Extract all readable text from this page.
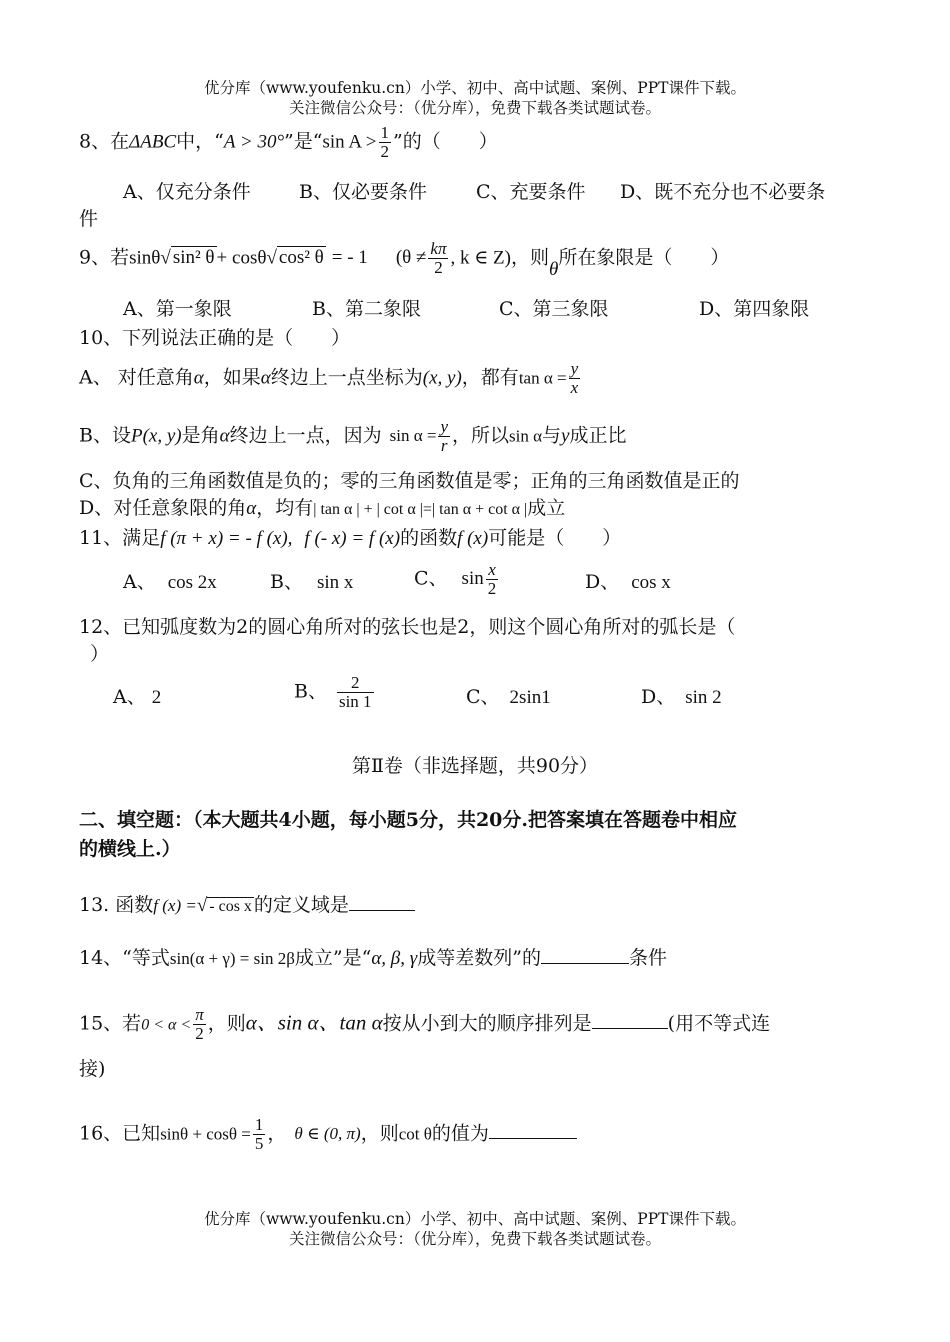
优分库（www.youfenku.cn）小学、初中、高中试题、案例、PPT课件下载。
关注微信公众号：（优分库），免费下载各类试题试卷。
8、在ΔABC中，“A > 30°”是“sin $A > \frac{1}{2}$ ”的（　　）
A、仅充分条件	B、仅必要条件	C、充要条件 D、既不充分也不必要条
件
9、若sinθ√ sin² θ + cosθ√ cos² θ = - 1 ($\theta \ne \frac{k\pi}{2}$ , k ∈ Z)，则θ所在象限是（　　）
A、第一象限	B、第二象限	C、第三象限	D、第四象限
10、下列说法正确的是（　　）
A、 对任意角α，如果α终边上一点坐标为(x, y)，都有$\tan \alpha = \frac{y}{x}$
B、设P(x, y)是角α终边上一点，因为 $\sin \alpha = \frac{y}{r}$ ，所以sin α与y成正比
C、负角的三角函数值是负的；零的三角函数值是零；正角的三角函数值是正的
D、对任意象限的角α，均有| tan α | + | cot α |=| tan α + cot α |成立
11、满足f (π + x) = - f (x), f (- x) = f (x)的函数f (x)可能是（　　）
A、 cos 2x	B、 sin x	C、 $\sin \frac{x}{2}$	D、 cos x
12、已知弧度数为2的圆心角所对的弦长也是2，则这个圆心角所对的弧长是（
）
A、 2	B、 $\frac{2}{\sin 1}$	C、 2sin1	D、 sin 2
第Ⅱ卷（非选择题，共90分）
二、填空题：（本大题共4小题，每小题5分，共20分.把答案填在答题卷中相应
的横线上.）
13. 函数f (x) =√ - cos x 的定义域是
14、“等式sin(α + γ) = sin 2β成立”是“α, β, γ成等差数列”的	条件
15、若$0 < \alpha < \frac{\pi}{2}$ ，则α、sin α、tan α按从小到大的顺序排列是	(用不等式连
接)
16、已知$\sin\theta + \cos\theta = \frac{1}{5}$ ， θ ∈ (0, π)，则cot θ的值为
优分库（www.youfenku.cn）小学、初中、高中试题、案例、PPT课件下载。
关注微信公众号：（优分库），免费下载各类试题试卷。
